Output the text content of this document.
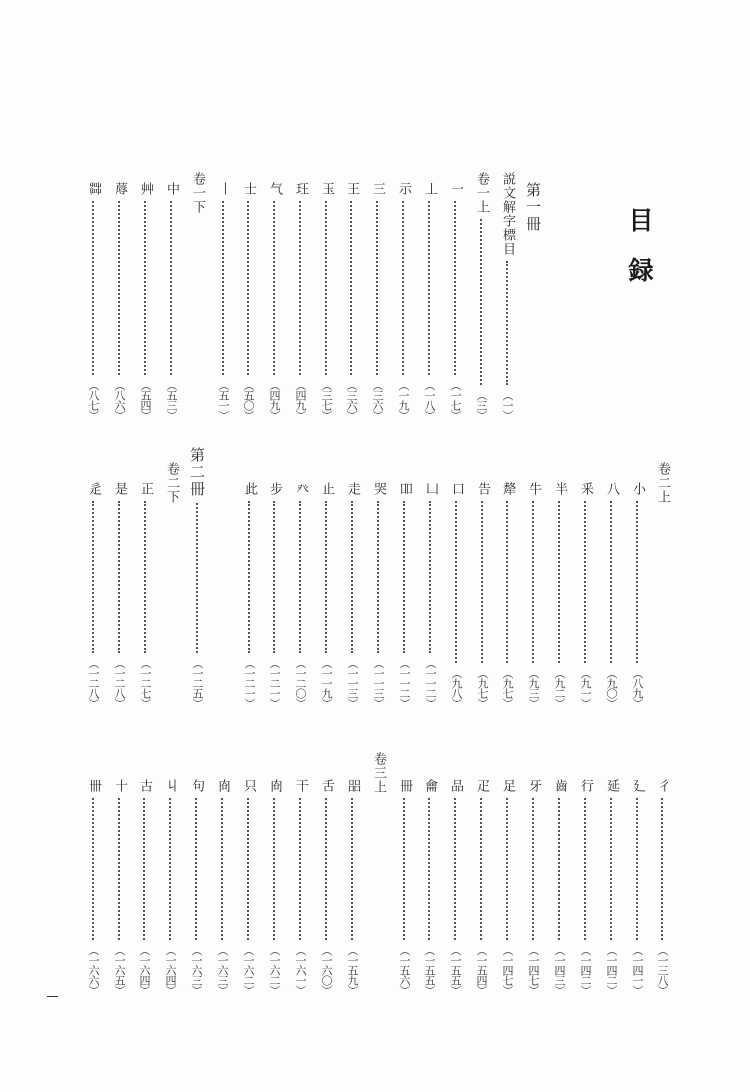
目
録
第一冊
説文解字標目
（一）
卷一上
（三）
一
（一七）
丄
（一八）
示
（一九）
三
（三六）
王
（三六）
玉
（三七）
玨
（四九）
气
（四九）
士
（五〇）
丨
（五一）
卷一下
中
（五三）
艸
（五四）
蓐
（八六）
茻
（八七）
卷二上
小
（八九）
八
（九〇）
釆
（九一）
半
（九二）
牛
（九三）
犛
（九七）
告
（九七）
口
（九八）
凵
（一一二）
吅
（一一二）
哭
（一一三）
走
（一一三）
止
（一一九）
癶
（一二〇）
步
（一二一）
此
（一二一）
第二冊
（一二五）
卷二下
正
（一二七）
是
（一二八）
辵
（一二八）
彳
（一三八）
廴
（一四一）
延
（一四二）
行
（一四二）
齒
（一四三）
牙
（一四七）
足
（一四七）
疋
（一五四）
品
（一五五）
龠
（一五五）
冊
（一五六）
卷三上
㗊
（一五九）
舌
（一六〇）
干
（一六一）
㕯
（一六二）
只
（一六二）
㕯
（一六三）
句
（一六三）
丩
（一六四）
古
（一六四）
十
（一六五）
卌
（一六六）
